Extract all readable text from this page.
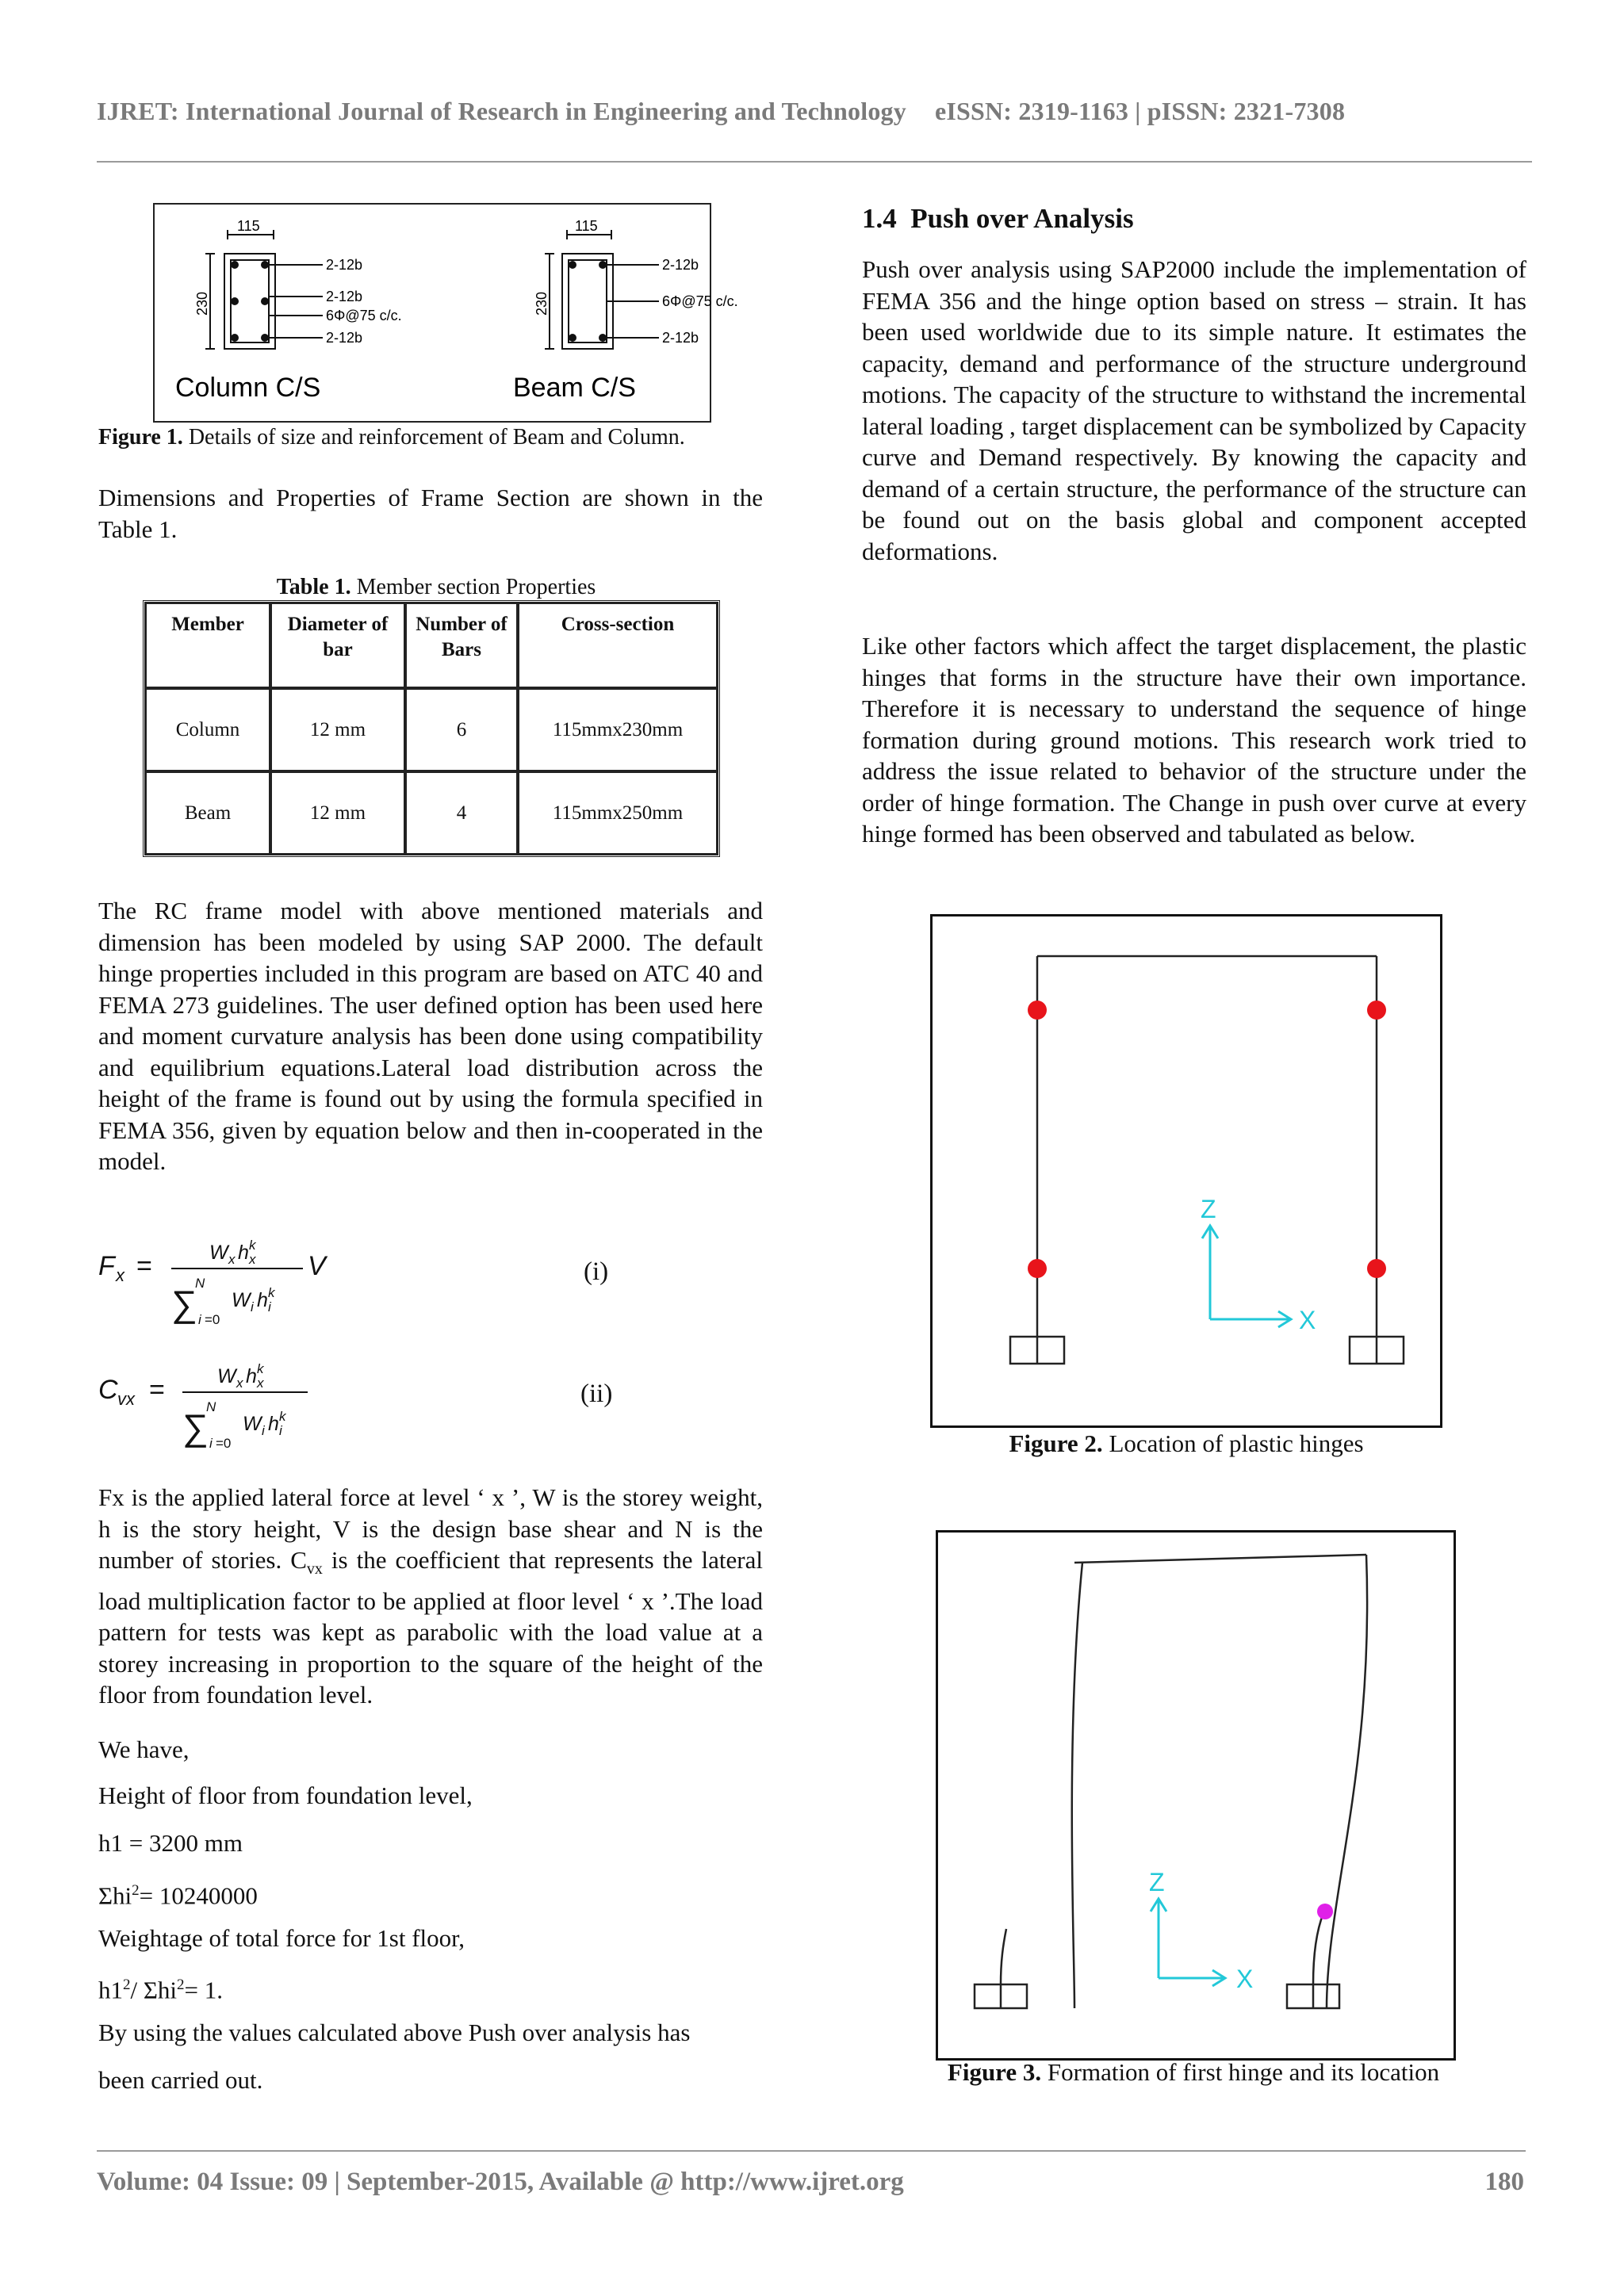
IJRET: International Journal of Research in Engineering and Technology eISSN: 2319-1163 | pISSN: 2321-7308
115
230
2-12b
2-12b
6Φ@75 c/c.
2-12b
Column C/S
115
230
2-12b
6Φ@75 c/c.
2-12b
Beam C/S
Figure 1. Details of size and reinforcement of Beam and Column.

Dimensions and Properties of Frame Section are shown in the Table 1.

Table 1. Member section Properties
Member	Diameter of bar	Number of Bars	Cross-section
Column	12 mm	6	115mmx230mm
Beam	12 mm	4	115mmx250mm

The RC frame model with above mentioned materials and dimension has been modeled by using SAP 2000. The default hinge properties included in this program are based on ATC 40 and FEMA 273 guidelines. The user defined option has been used here and moment curvature analysis has been done using compatibility and equilibrium equations.Lateral load distribution across the height of the frame is found out by using the formula specified in FEMA 356, given by equation below and then in-cooperated in the model.

F x =	W x h k
x
∑
N
i =0
W i h k
i
V	(i)
C vx =	W x h k
x
∑
N
i =0
W i h k
i
(ii)

Fx is the applied lateral force at level ‘ x ’, W is the storey weight, h is the story height, V is the design base shear and N is the number of stories. $C_{vx}$ is the coefficient that represents the lateral load multiplication factor to be applied at floor level ‘ x ’.The load pattern for tests was kept as parabolic with the load value at a storey increasing in proportion to the square of the height of the floor from foundation level.

We have,
Height of floor from foundation level,
h1 = 3200 mm
Σhi$^2$= 10240000
Weightage of total force for 1st floor,
$h1^2/$ Σhi$^2$= 1.
By using the values calculated above Push over analysis has
been carried out.
1.4 Push over Analysis

Push over analysis using SAP2000 include the implementation of FEMA 356 and the hinge option based on stress – strain. It has been used worldwide due to its simple nature. It estimates the capacity, demand and performance of the structure underground motions. The capacity of the structure to withstand the incremental lateral loading , target displacement can be symbolized by Capacity curve and Demand respectively. By knowing the capacity and demand of a certain structure, the performance of the structure can be found out on the basis global and component accepted deformations.

Like other factors which affect the target displacement, the plastic hinges that forms in the structure have their own importance. Therefore it is necessary to understand the sequence of hinge formation during ground motions. This research work tried to address the issue related to behavior of the structure under the order of hinge formation. The Change in push over curve at every hinge formed has been observed and tabulated as below.

Z
X
Figure 2. Location of plastic hinges
Z
X
Figure 3. Formation of first hinge and its location
Volume: 04 Issue: 09 | September-2015, Available @ http://www.ijret.org	180
